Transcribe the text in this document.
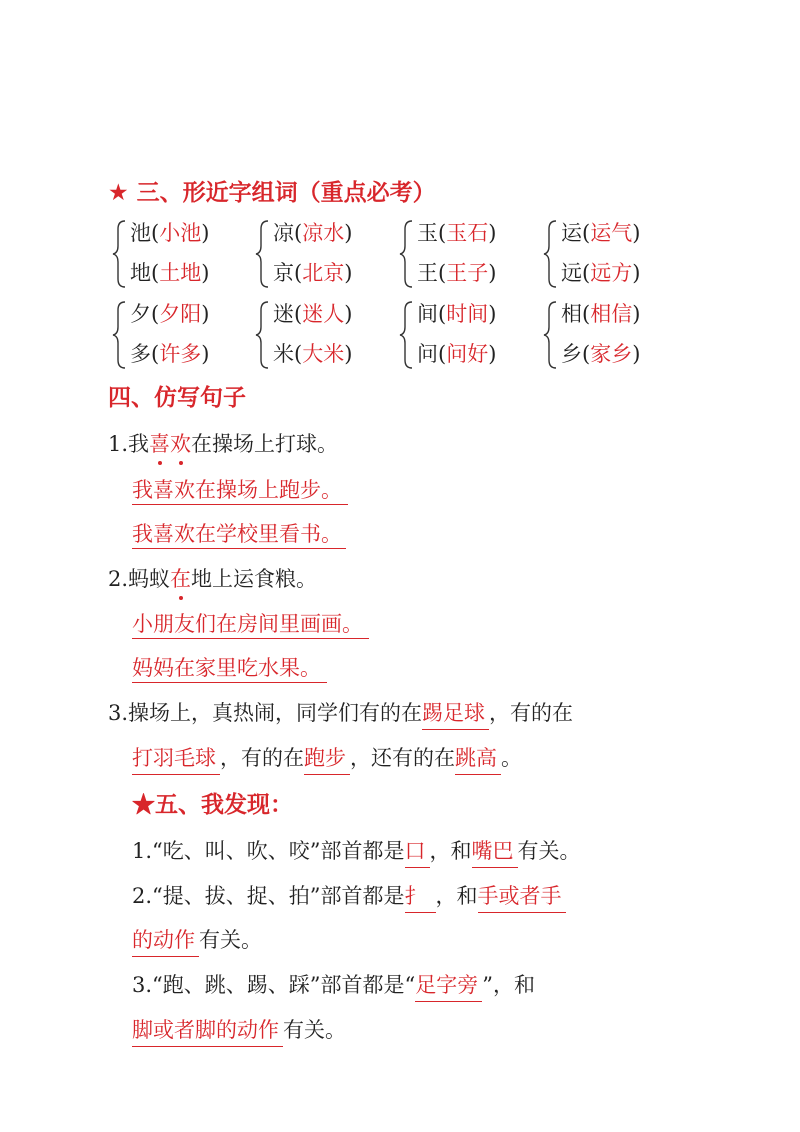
★ 三、形近字组词（重点必考）
池(小池)
地(土地)
凉(凉水)
京(北京)
玉(玉石)
王(王子)
运(运气)
远(远方)
夕(夕阳)
多(许多)
迷(迷人)
米(大米)
间(时间)
问(问好)
相(相信)
乡(家乡)
四、仿写句子
1.我喜欢在操场上打球。
我喜欢在操场上跑步。
我喜欢在学校里看书。
2.蚂蚁在地上运食粮。
小朋友们在房间里画画。
妈妈在家里吃水果。
3.操场上，真热闹，同学们有的在踢足球 ，有的在
打羽毛球 ，有的在跑步 ，还有的在跳高 。
★五、我发现：
1.“吃、叫、吹、咬”部首都是口 ，和嘴巴 有关。
2.“提、拔、捉、拍”部首都是扌 ，和手或者手
的动作 有关。
3.“跑、跳、踢、踩”部首都是“足字旁 ”，和
脚或者脚的动作 有关。
